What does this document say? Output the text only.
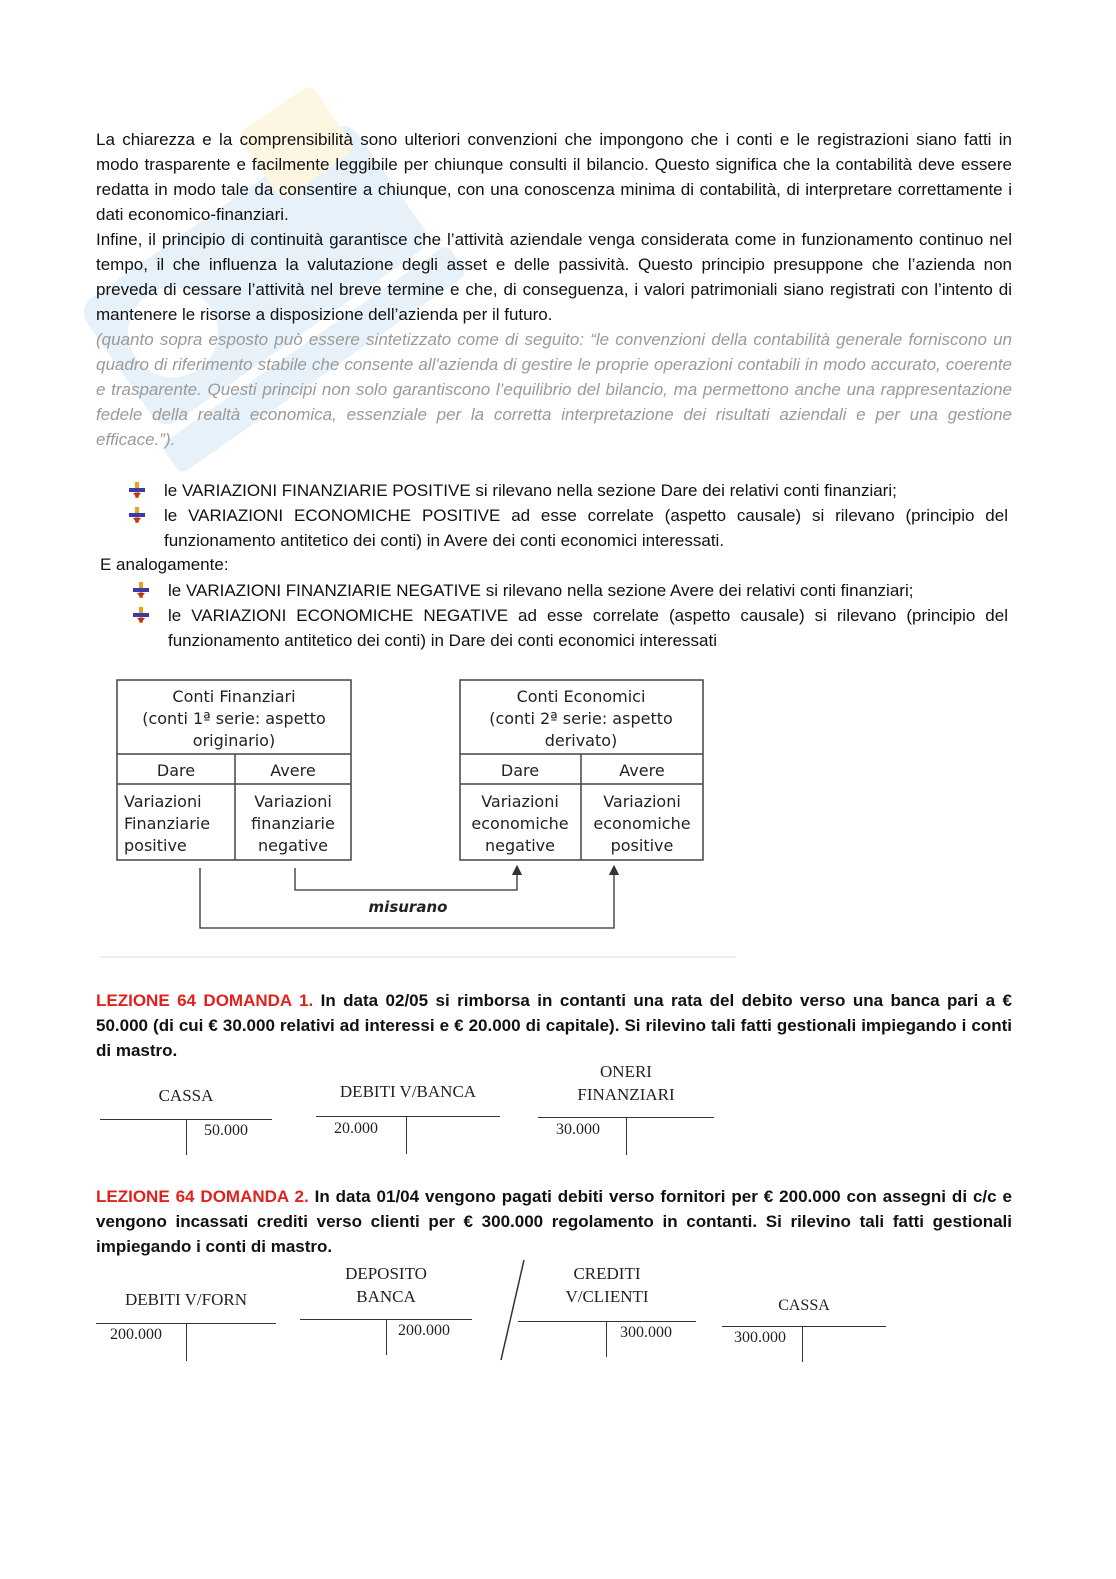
La chiarezza e la comprensibilità sono ulteriori convenzioni che impongono che i conti e le registrazioni siano fatti in modo trasparente e facilmente leggibile per chiunque consulti il bilancio. Questo significa che la contabilità deve essere redatta in modo tale da consentire a chiunque, con una conoscenza minima di contabilità, di interpretare correttamente i dati economico-finanziari.

Infine, il principio di continuità garantisce che l’attività aziendale venga considerata come in funzionamento continuo nel tempo, il che influenza la valutazione degli asset e delle passività. Questo principio presuppone che l’azienda non preveda di cessare l’attività nel breve termine e che, di conseguenza, i valori patrimoniali siano registrati con l’intento di mantenere le risorse a disposizione dell’azienda per il futuro.

(quanto sopra esposto può essere sintetizzato come di seguito: “le convenzioni della contabilità generale forniscono un quadro di riferimento stabile che consente all'azienda di gestire le proprie operazioni contabili in modo accurato, coerente e trasparente. Questi principi non solo garantiscono l’equilibrio del bilancio, ma permettono anche una rappresentazione fedele della realtà economica, essenziale per la corretta interpretazione dei risultati aziendali e per una gestione efficace.”).

le VARIAZIONI FINANZIARIE POSITIVE si rilevano nella sezione Dare dei relativi conti finanziari;
le VARIAZIONI ECONOMICHE POSITIVE ad esse correlate (aspetto causale) si rilevano (principio del funzionamento antitetico dei conti) in Avere dei conti economici interessati.
E analogamente:
le VARIAZIONI FINANZIARIE NEGATIVE si rilevano nella sezione Avere dei relativi conti finanziari;
le VARIAZIONI ECONOMICHE NEGATIVE ad esse correlate (aspetto causale) si rilevano (principio del funzionamento antitetico dei conti) in Dare dei conti economici interessati
Conti Finanziari
(conti 1ª serie: aspetto
originario)
Dare	Avere
Variazioni
Finanziarie
positive
Variazioni
finanziarie
negative
Conti Economici
(conti 2ª serie: aspetto
derivato)
Dare	Avere
Variazioni
economiche
negative
Variazioni
economiche
positive
misurano
LEZIONE 64 DOMANDA 1. In data 02/05 si rimborsa in contanti una rata del debito verso una banca pari a € 50.000 (di cui € 30.000 relativi ad interessi e € 20.000 di capitale). Si rilevino tali fatti gestionali impiegando i conti di mastro.
CASSA
50.000
DEBITI V/BANCA
20.000
ONERI
FINANZIARI
30.000
LEZIONE 64 DOMANDA 2. In data 01/04 vengono pagati debiti verso fornitori per € 200.000 con assegni di c/c e vengono incassati crediti verso clienti per € 300.000 regolamento in contanti. Si rilevino tali fatti gestionali impiegando i conti di mastro.
DEBITI V/FORN
200.000
DEPOSITO
BANCA
200.000
CREDITI
V/CLIENTI
300.000
CASSA
300.000
